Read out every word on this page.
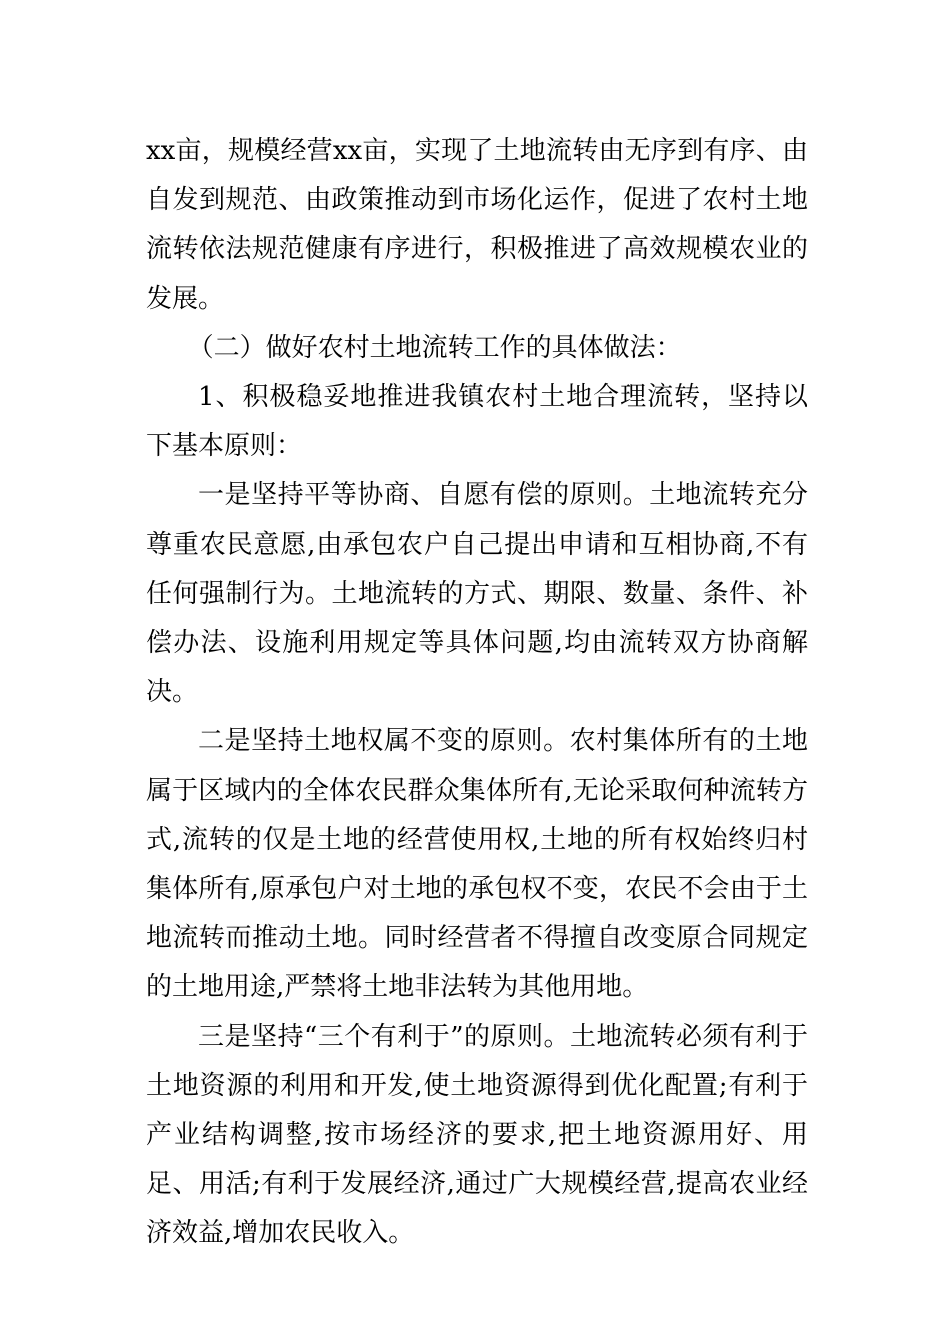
xx亩，规模经营xx亩，实现了土地流转由无序到有序、由自发到规范、由政策推动到市场化运作，促进了农村土地流转依法规范健康有序进行，积极推进了高效规模农业的发展。

（二）做好农村土地流转工作的具体做法：

1、积极稳妥地推进我镇农村土地合理流转，坚持以下基本原则：

一是坚持平等协商、自愿有偿的原则。土地流转充分尊重农民意愿,由承包农户自己提出申请和互相协商,不有任何强制行为。土地流转的方式、期限、数量、条件、补偿办法、设施利用规定等具体问题,均由流转双方协商解决。

二是坚持土地权属不变的原则。农村集体所有的土地属于区域内的全体农民群众集体所有,无论采取何种流转方式,流转的仅是土地的经营使用权,土地的所有权始终归村集体所有,原承包户对土地的承包权不变，农民不会由于土地流转而推动土地。同时经营者不得擅自改变原合同规定的土地用途,严禁将土地非法转为其他用地。

三是坚持“三个有利于”的原则。土地流转必须有利于土地资源的利用和开发,使土地资源得到优化配置;有利于产业结构调整,按市场经济的要求,把土地资源用好、用足、用活;有利于发展经济,通过广大规模经营,提高农业经济效益,增加农民收入。
